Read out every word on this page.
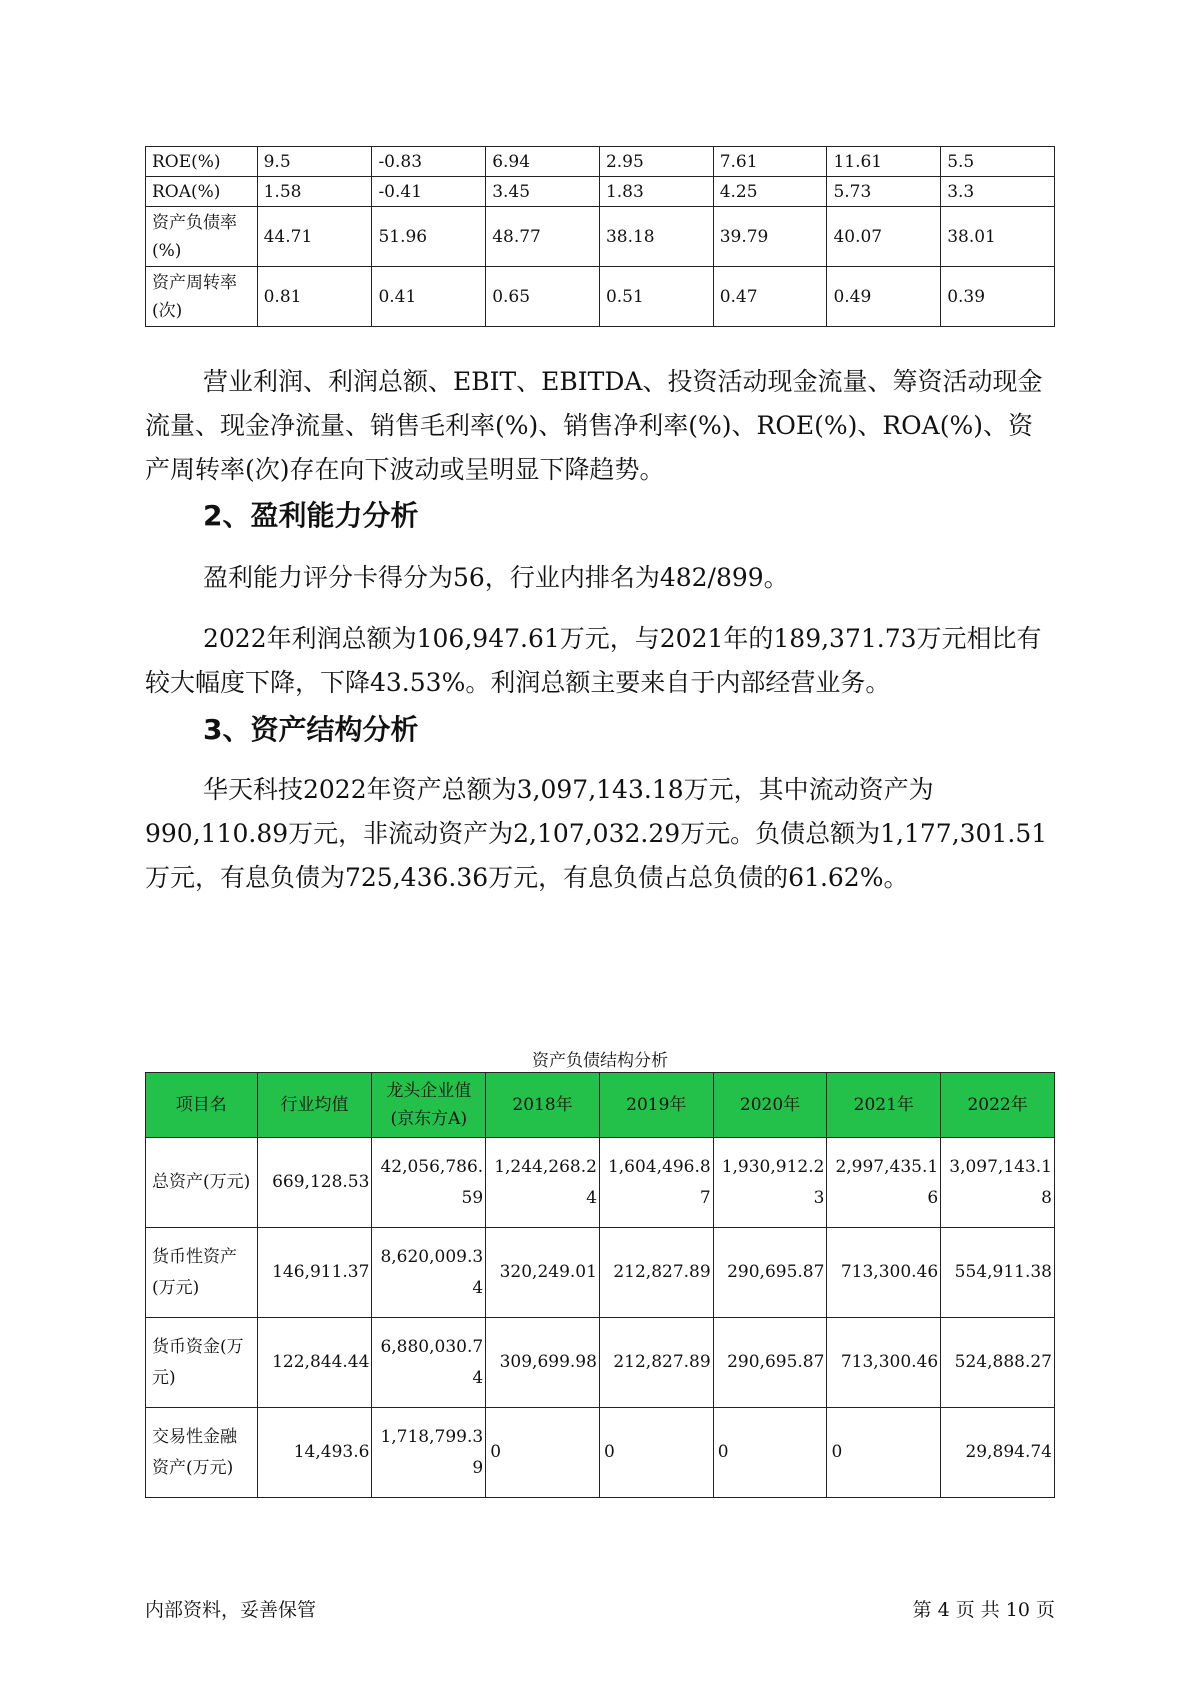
ROE(%)	9.5	-0.83	6.94	2.95	7.61	11.61	5.5
ROA(%)	1.58	-0.41	3.45	1.83	4.25	5.73	3.3
资产负债率(%)	44.71	51.96	48.77	38.18	39.79	40.07	38.01
资产周转率(次)	0.81	0.41	0.65	0.51	0.47	0.49	0.39

营业利润、利润总额、EBIT、EBITDA、投资活动现金流量、筹资活动现金流量、现金净流量、销售毛利率(%)、销售净利率(%)、ROE(%)、ROA(%)、资产周转率(次)存在向下波动或呈明显下降趋势。

2、盈利能力分析

盈利能力评分卡得分为56，行业内排名为482/899。

2022年利润总额为106,947.61万元，与2021年的189,371.73万元相比有较大幅度下降，下降43.53%。利润总额主要来自于内部经营业务。

3、资产结构分析

华天科技2022年资产总额为3,097,143.18万元，其中流动资产为990,110.89万元，非流动资产为2,107,032.29万元。负债总额为1,177,301.51万元，有息负债为725,436.36万元，有息负债占总负债的61.62%。

资产负债结构分析
项目名	行业均值	龙头企业值(京东方A)	2018年	2019年	2020年	2021年	2022年
总资产(万元)	669,128.53	42,056,786.59	1,244,268.24	1,604,496.87	1,930,912.23	2,997,435.16	3,097,143.18
货币性资产(万元)	146,911.37	8,620,009.34	320,249.01	212,827.89	290,695.87	713,300.46	554,911.38
货币资金(万元)	122,844.44	6,880,030.74	309,699.98	212,827.89	290,695.87	713,300.46	524,888.27
交易性金融资产(万元)	14,493.6	1,718,799.39	0	0	0	0	29,894.74
内部资料，妥善保管	第 4 页 共 10 页
